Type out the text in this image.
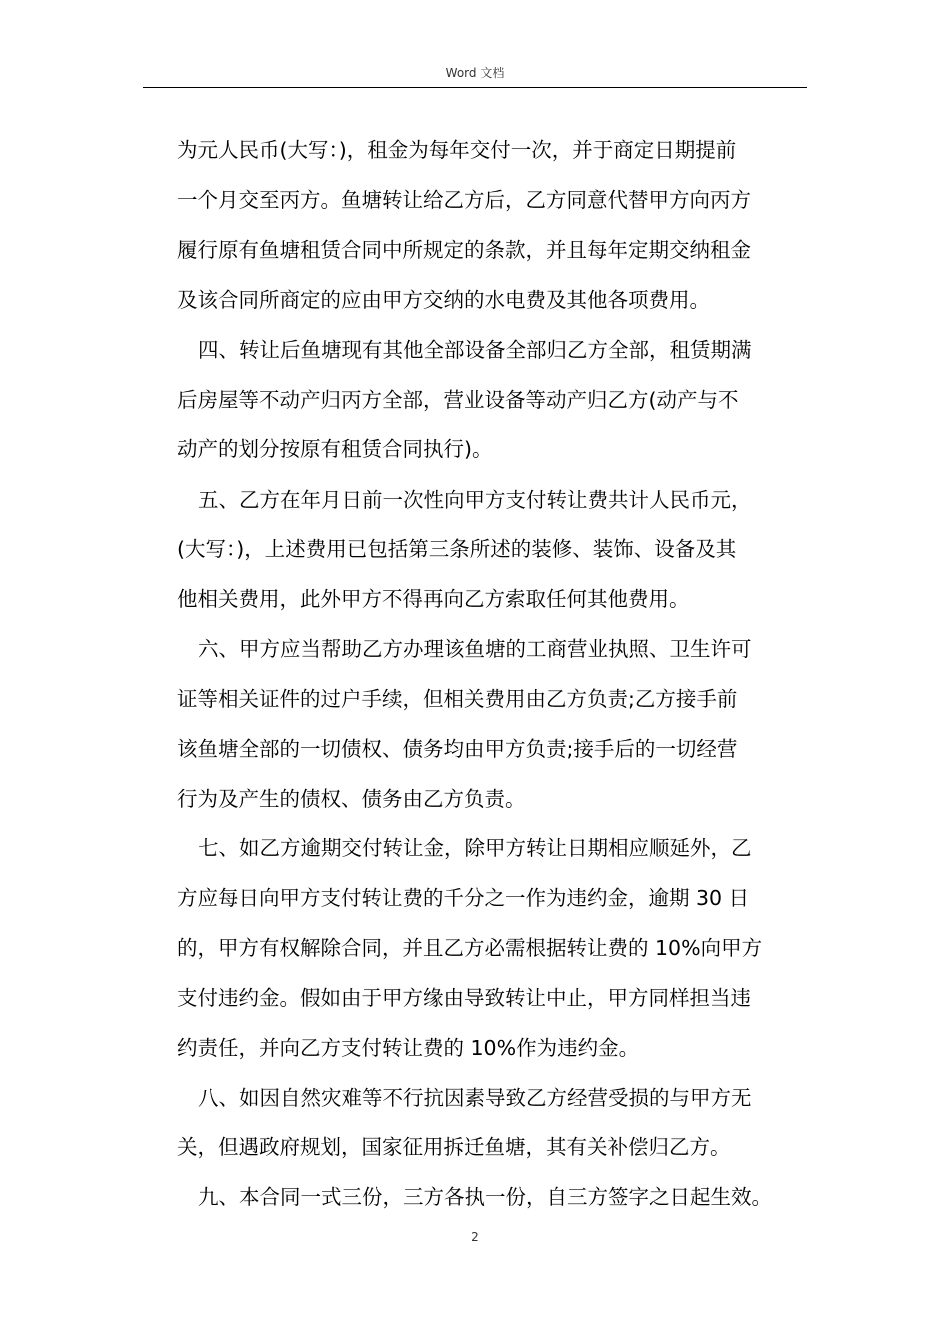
Word 文档
为元人民币(大写：)，租金为每年交付一次，并于商定日期提前
一个月交至丙方。鱼塘转让给乙方后，乙方同意代替甲方向丙方
履行原有鱼塘租赁合同中所规定的条款，并且每年定期交纳租金
及该合同所商定的应由甲方交纳的水电费及其他各项费用。
四、转让后鱼塘现有其他全部设备全部归乙方全部，租赁期满
后房屋等不动产归丙方全部，营业设备等动产归乙方(动产与不
动产的划分按原有租赁合同执行)。
五、乙方在年月日前一次性向甲方支付转让费共计人民币元，
(大写：)，上述费用已包括第三条所述的装修、装饰、设备及其
他相关费用，此外甲方不得再向乙方索取任何其他费用。
六、甲方应当帮助乙方办理该鱼塘的工商营业执照、卫生许可
证等相关证件的过户手续，但相关费用由乙方负责;乙方接手前
该鱼塘全部的一切债权、债务均由甲方负责;接手后的一切经营
行为及产生的债权、债务由乙方负责。
七、如乙方逾期交付转让金，除甲方转让日期相应顺延外，乙
方应每日向甲方支付转让费的千分之一作为违约金，逾期 30 日
的，甲方有权解除合同，并且乙方必需根据转让费的 10%向甲方
支付违约金。假如由于甲方缘由导致转让中止，甲方同样担当违
约责任，并向乙方支付转让费的 10%作为违约金。
八、如因自然灾难等不行抗因素导致乙方经营受损的与甲方无
关，但遇政府规划，国家征用拆迁鱼塘，其有关补偿归乙方。
九、本合同一式三份，三方各执一份，自三方签字之日起生效。
2
